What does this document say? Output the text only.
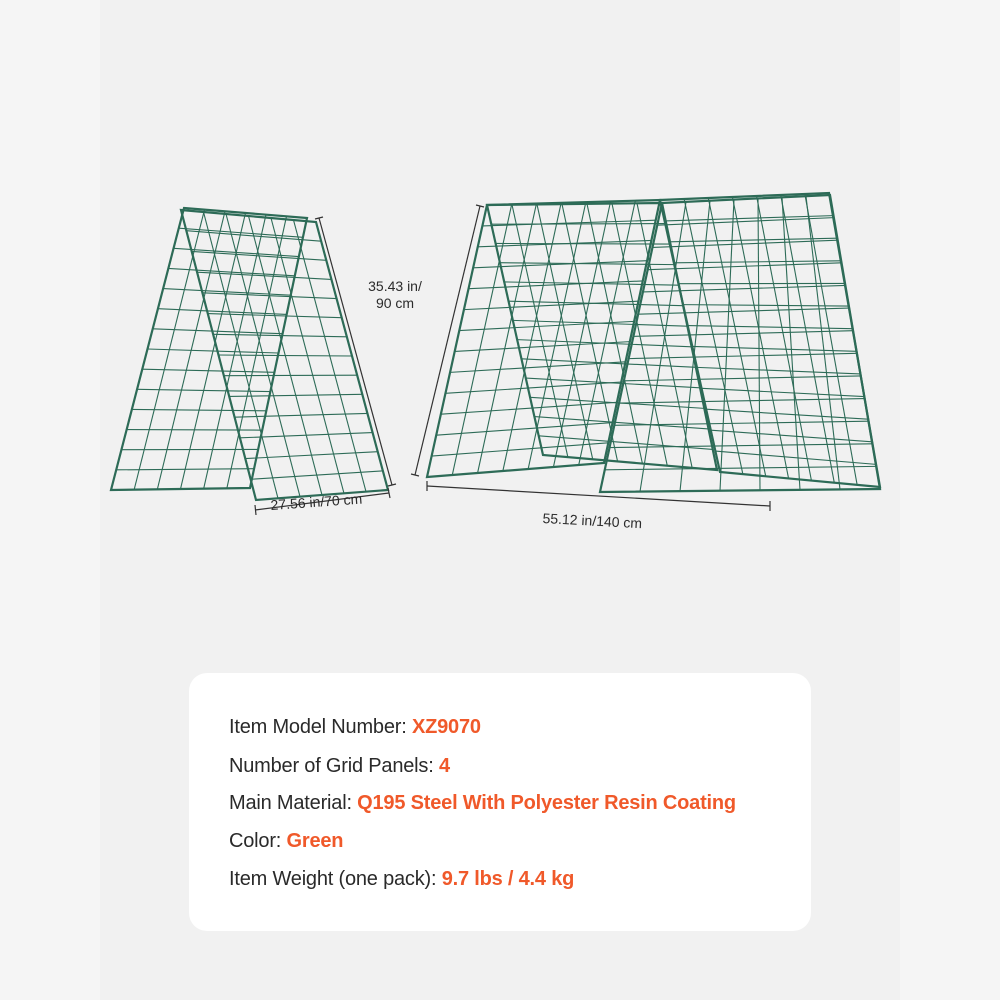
35.43 in/
90 cm
27.56 in/70 cm
55.12 in/140 cm
Item Model Number: XZ9070
Number of Grid Panels: 4
Main Material: Q195 Steel With Polyester Resin Coating
Color: Green
Item Weight (one pack): 9.7 lbs / 4.4 kg
